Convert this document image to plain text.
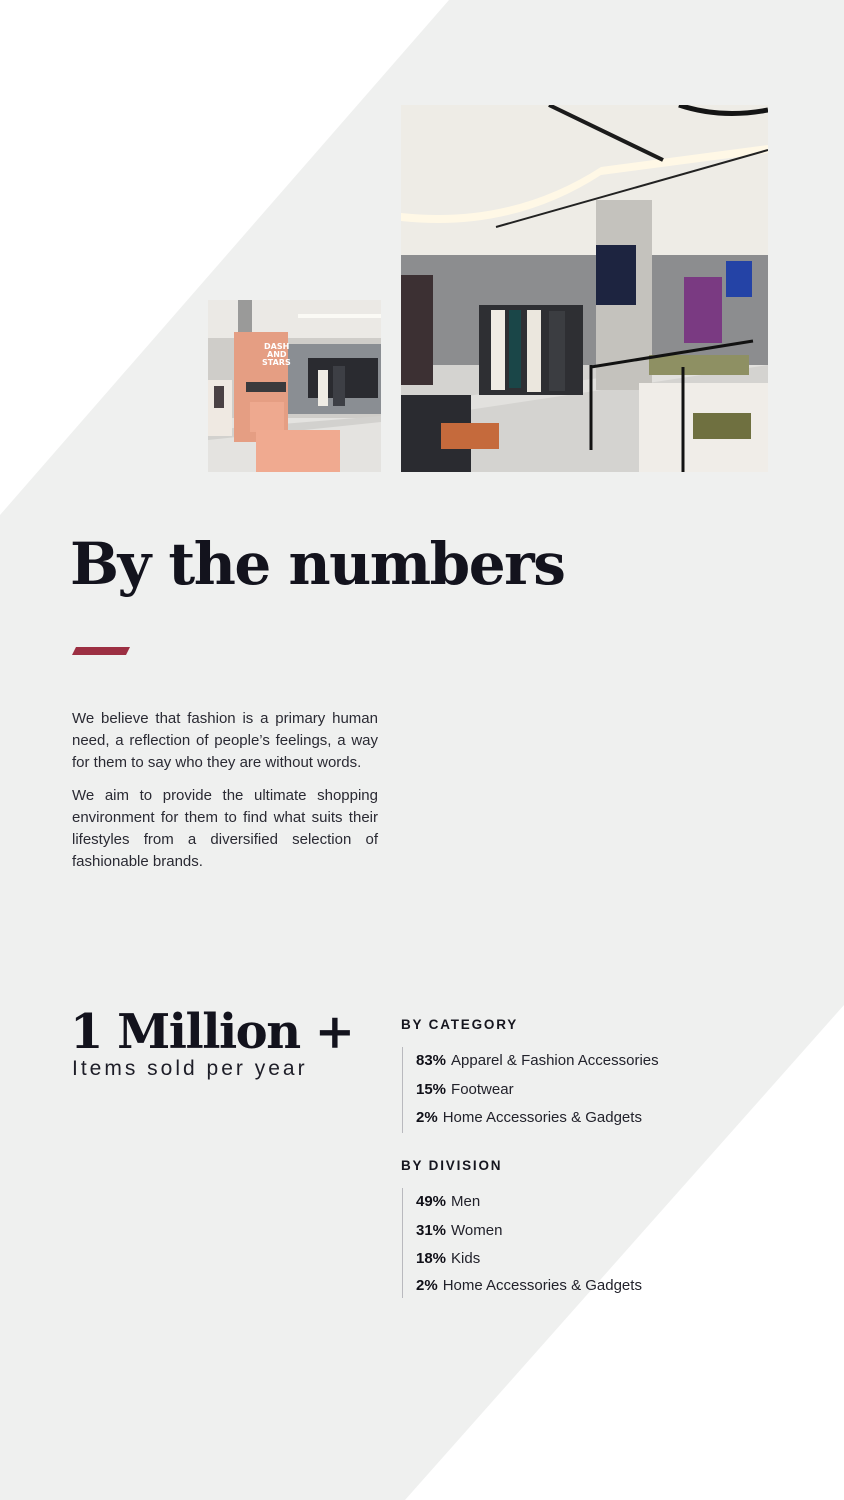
DASH
AND
STARS
By the numbers

We believe that fashion is a primary human need, a reflection of people’s feelings, a way for them to say who they are without words.

We aim to provide the ultimate shopping environment for them to find what suits their lifestyles from a diversified selection of fashionable brands.

1 Million +
Items sold per year
BY CATEGORY
83% Apparel & Fashion Accessories
15% Footwear
2% Home Accessories & Gadgets
BY DIVISION
49% Men
31% Women
18% Kids
2% Home Accessories & Gadgets
